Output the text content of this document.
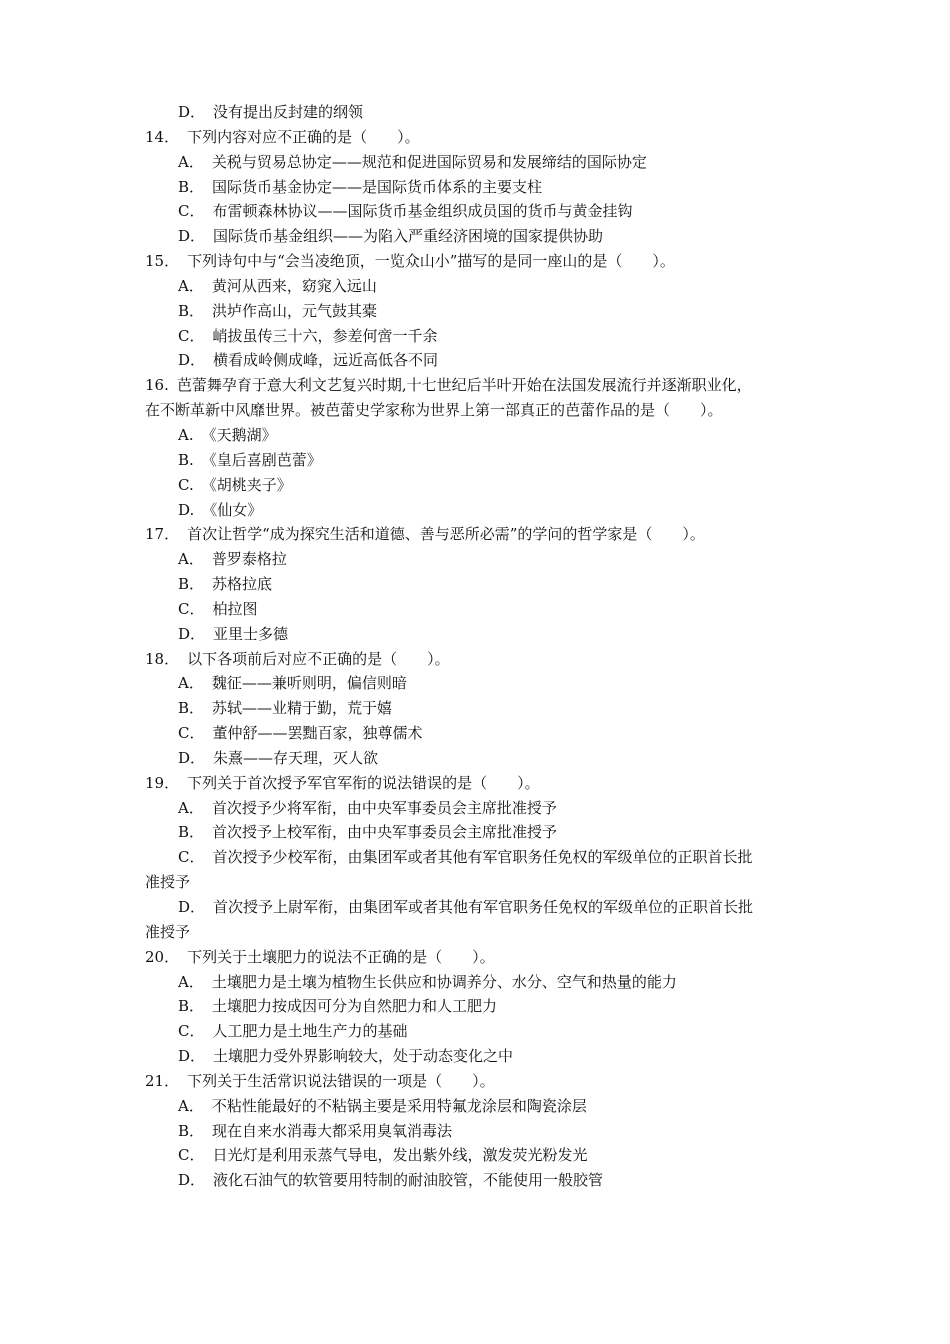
D． 没有提出反封建的纲领
14． 下列内容对应不正确的是（　　）。
A． 关税与贸易总协定——规范和促进国际贸易和发展缔结的国际协定
B． 国际货币基金协定——是国际货币体系的主要支柱
C． 布雷顿森林协议——国际货币基金组织成员国的货币与黄金挂钩
D． 国际货币基金组织——为陷入严重经济困境的国家提供协助
15． 下列诗句中与“会当凌绝顶，一览众山小”描写的是同一座山的是（　　）。
A． 黄河从西来，窈窕入远山
B． 洪垆作高山，元气鼓其橐
C． 峭拔虽传三十六，参差何啻一千余
D． 横看成岭侧成峰，远近高低各不同
16. 芭蕾舞孕育于意大利文艺复兴时期,十七世纪后半叶开始在法国发展流行并逐渐职业化，
在不断革新中风靡世界。被芭蕾史学家称为世界上第一部真正的芭蕾作品的是（　　）。
A. 《天鹅湖》
B. 《皇后喜剧芭蕾》
C. 《胡桃夹子》
D. 《仙女》
17． 首次让哲学“成为探究生活和道德、善与恶所必需”的学问的哲学家是（　　）。
A． 普罗泰格拉
B． 苏格拉底
C． 柏拉图
D． 亚里士多德
18． 以下各项前后对应不正确的是（　　）。
A． 魏征——兼听则明，偏信则暗
B． 苏轼——业精于勤，荒于嬉
C． 董仲舒——罢黜百家，独尊儒术
D． 朱熹——存天理，灭人欲
19． 下列关于首次授予军官军衔的说法错误的是（　　）。
A． 首次授予少将军衔，由中央军事委员会主席批准授予
B． 首次授予上校军衔，由中央军事委员会主席批准授予
C． 首次授予少校军衔，由集团军或者其他有军官职务任免权的军级单位的正职首长批
准授予
D． 首次授予上尉军衔，由集团军或者其他有军官职务任免权的军级单位的正职首长批
准授予
20． 下列关于土壤肥力的说法不正确的是（　　）。
A． 土壤肥力是土壤为植物生长供应和协调养分、水分、空气和热量的能力
B． 土壤肥力按成因可分为自然肥力和人工肥力
C． 人工肥力是土地生产力的基础
D． 土壤肥力受外界影响较大，处于动态变化之中
21． 下列关于生活常识说法错误的一项是（　　）。
A． 不粘性能最好的不粘锅主要是采用特氟龙涂层和陶瓷涂层
B． 现在自来水消毒大都采用臭氧消毒法
C． 日光灯是利用汞蒸气导电，发出紫外线，激发荧光粉发光
D． 液化石油气的软管要用特制的耐油胶管，不能使用一般胶管
